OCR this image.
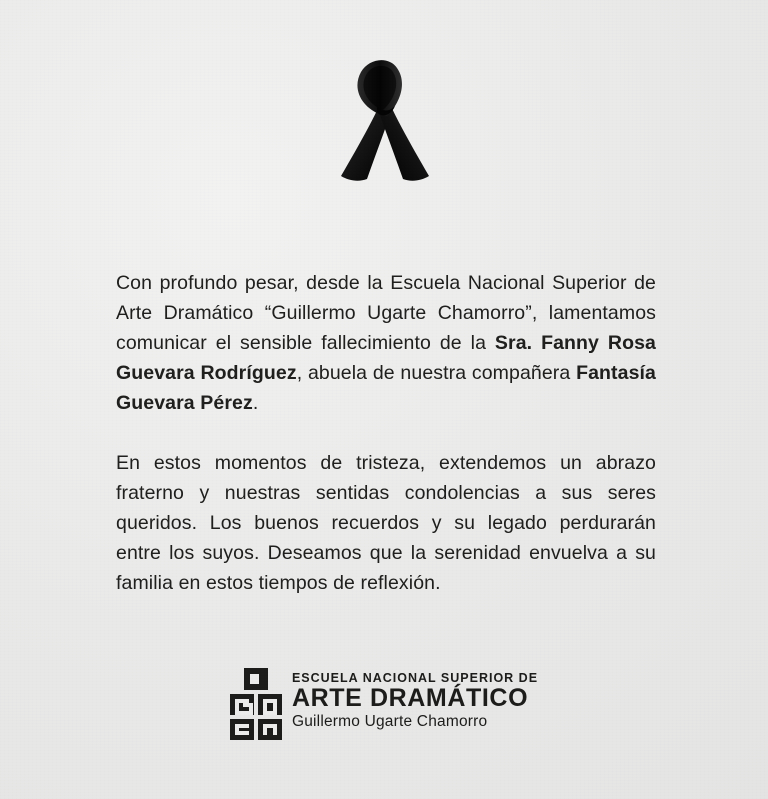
Con profundo pesar, desde la Escuela Nacional Superior de Arte Dramático “Guillermo Ugarte Chamorro”, lamentamos comunicar el sensible fallecimiento de la Sra. Fanny Rosa Guevara Rodríguez, abuela de nuestra compañera Fantasía Guevara Pérez.

En estos momentos de tristeza, extendemos un abrazo fraterno y nuestras sentidas condolencias a sus seres queridos. Los buenos recuerdos y su legado perdurarán entre los suyos. Deseamos que la serenidad envuelva a su familia en estos tiempos de reflexión.

ESCUELA NACIONAL SUPERIOR DE
ARTE DRAMÁTICO
Guillermo Ugarte Chamorro
